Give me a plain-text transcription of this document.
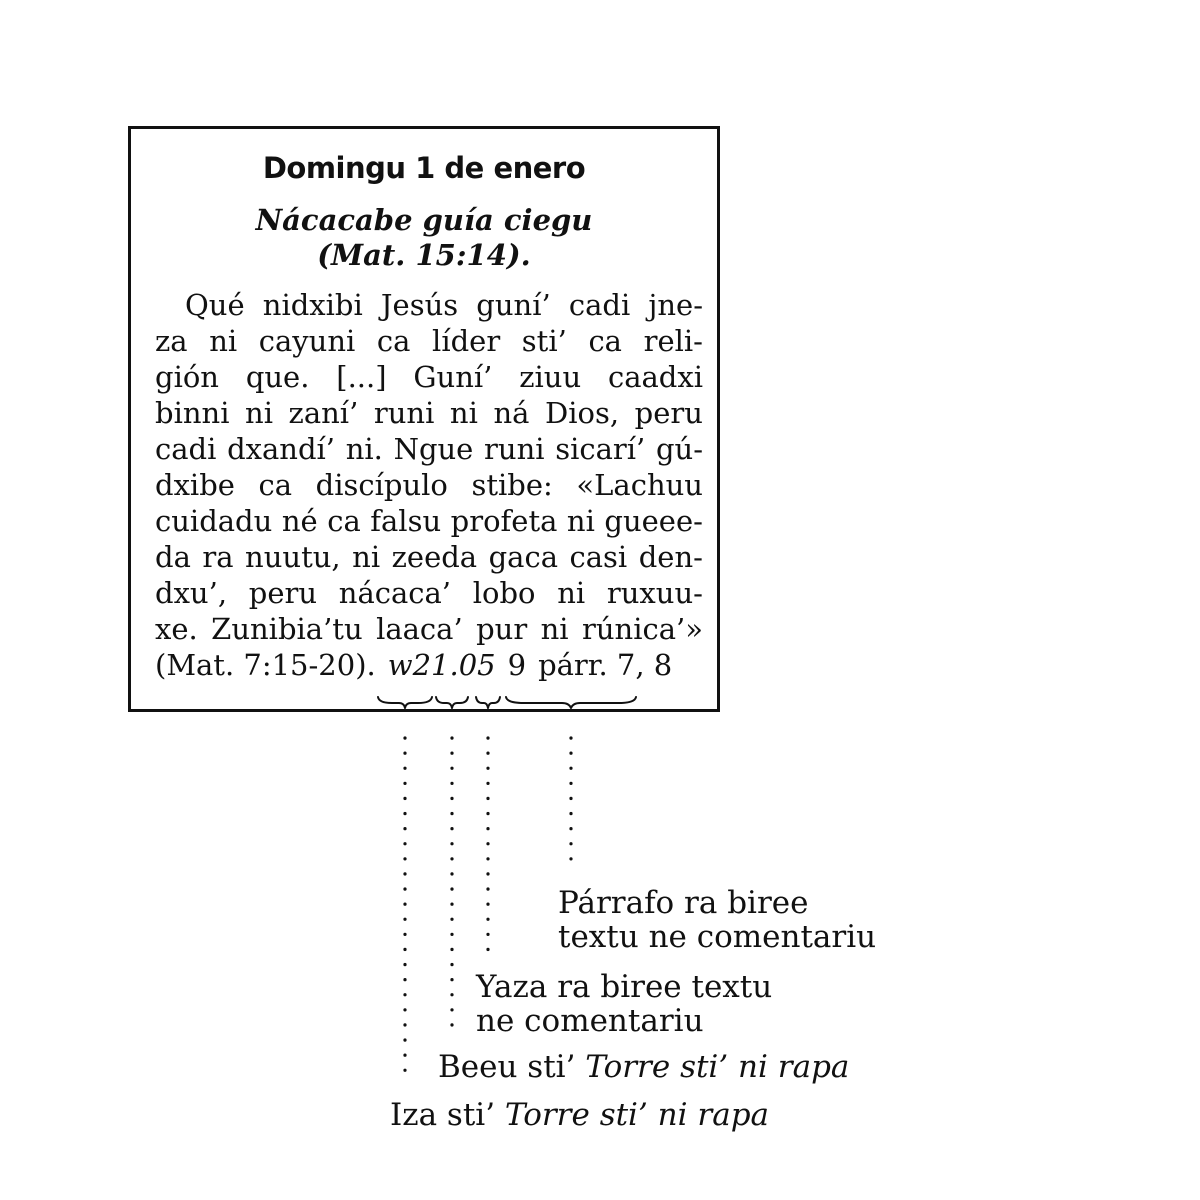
Domingu 1 de enero
Nácacabe guía ciegu
(Mat. 15:14).
Qué nidxibi Jesús guní’ cadi jne-
za ni cayuni ca líder sti’ ca reli-
gión que. [...] Guní’ ziuu caadxi
binni ni zaní’ runi ni ná Dios, peru
cadi dxandí’ ni. Ngue runi sicarí’ gú-
dxibe ca discípulo stibe: «Lachuu
cuidadu né ca falsu profeta ni gueee-
da ra nuutu, ni zeeda gaca casi den-
dxu’, peru nácaca’ lobo ni ruxuu-
xe. Zunibia’tu laaca’ pur ni rúnica’»
(Mat. 7:15-20). w21. 05 9 párr. 7, 8
Párrafo ra biree
textu ne comentariu
Yaza ra biree textu
ne comentariu
Beeu sti’ Torre sti’ ni rapa
Iza sti’ Torre sti’ ni rapa
